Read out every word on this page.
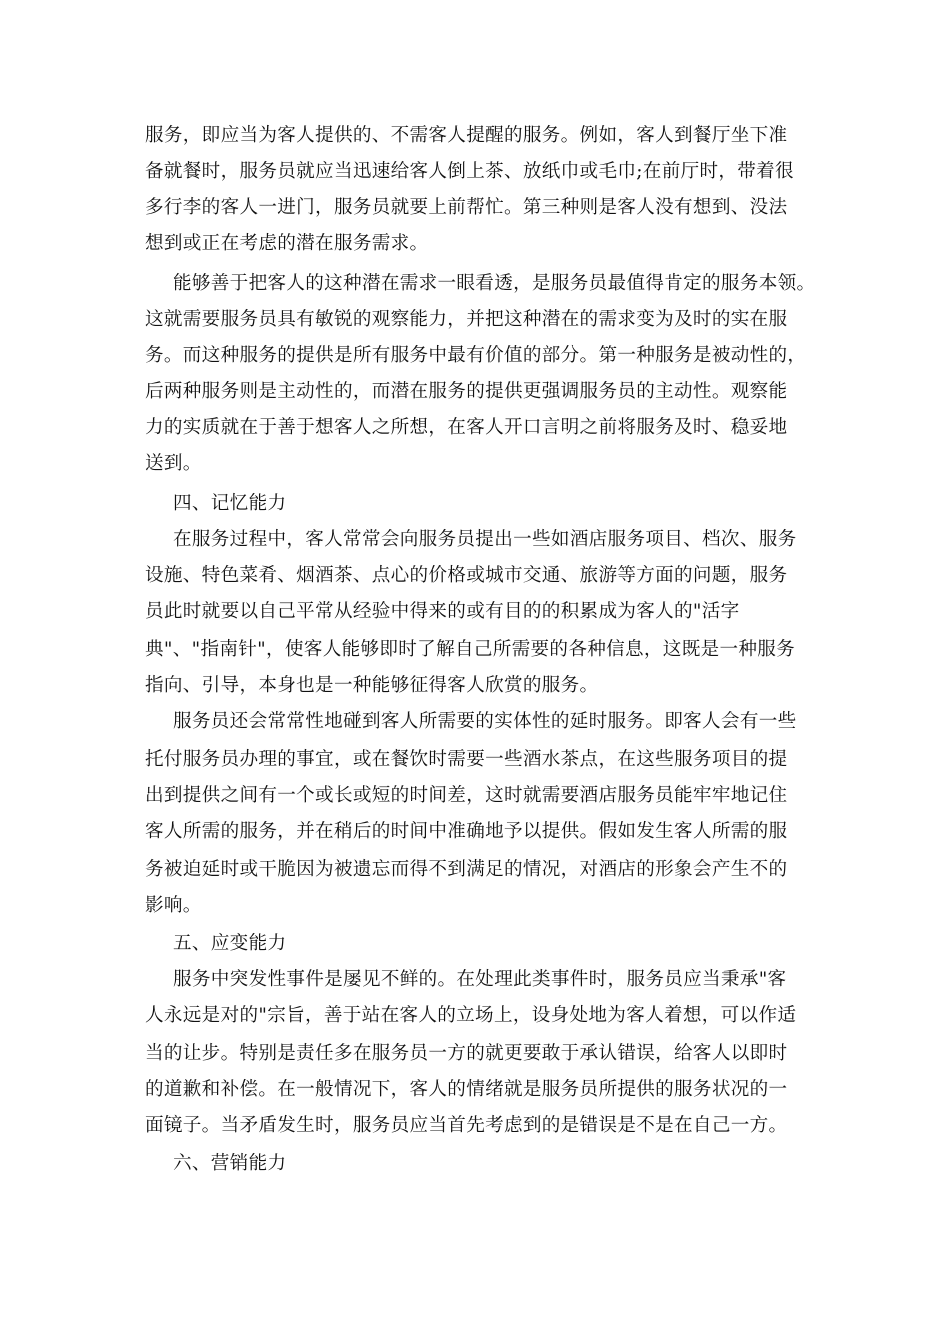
服务，即应当为客人提供的、不需客人提醒的服务。例如，客人到餐厅坐下准
备就餐时，服务员就应当迅速给客人倒上茶、放纸巾或毛巾;在前厅时，带着很
多行李的客人一进门，服务员就要上前帮忙。第三种则是客人没有想到、没法
想到或正在考虑的潜在服务需求。
能够善于把客人的这种潜在需求一眼看透，是服务员最值得肯定的服务本领。
这就需要服务员具有敏锐的观察能力，并把这种潜在的需求变为及时的实在服
务。而这种服务的提供是所有服务中最有价值的部分。第一种服务是被动性的，
后两种服务则是主动性的，而潜在服务的提供更强调服务员的主动性。观察能
力的实质就在于善于想客人之所想，在客人开口言明之前将服务及时、稳妥地
送到。
四、记忆能力
在服务过程中，客人常常会向服务员提出一些如酒店服务项目、档次、服务
设施、特色菜肴、烟酒茶、点心的价格或城市交通、旅游等方面的问题，服务
员此时就要以自己平常从经验中得来的或有目的的积累成为客人的"活字
典"、"指南针"，使客人能够即时了解自己所需要的各种信息，这既是一种服务
指向、引导，本身也是一种能够征得客人欣赏的服务。
服务员还会常常性地碰到客人所需要的实体性的延时服务。即客人会有一些
托付服务员办理的事宜，或在餐饮时需要一些酒水茶点，在这些服务项目的提
出到提供之间有一个或长或短的时间差，这时就需要酒店服务员能牢牢地记住
客人所需的服务，并在稍后的时间中准确地予以提供。假如发生客人所需的服
务被迫延时或干脆因为被遗忘而得不到满足的情况，对酒店的形象会产生不的
影响。
五、应变能力
服务中突发性事件是屡见不鲜的。在处理此类事件时，服务员应当秉承"客
人永远是对的"宗旨，善于站在客人的立场上，设身处地为客人着想，可以作适
当的让步。特别是责任多在服务员一方的就更要敢于承认错误，给客人以即时
的道歉和补偿。在一般情况下，客人的情绪就是服务员所提供的服务状况的一
面镜子。当矛盾发生时，服务员应当首先考虑到的是错误是不是在自己一方。
六、营销能力
